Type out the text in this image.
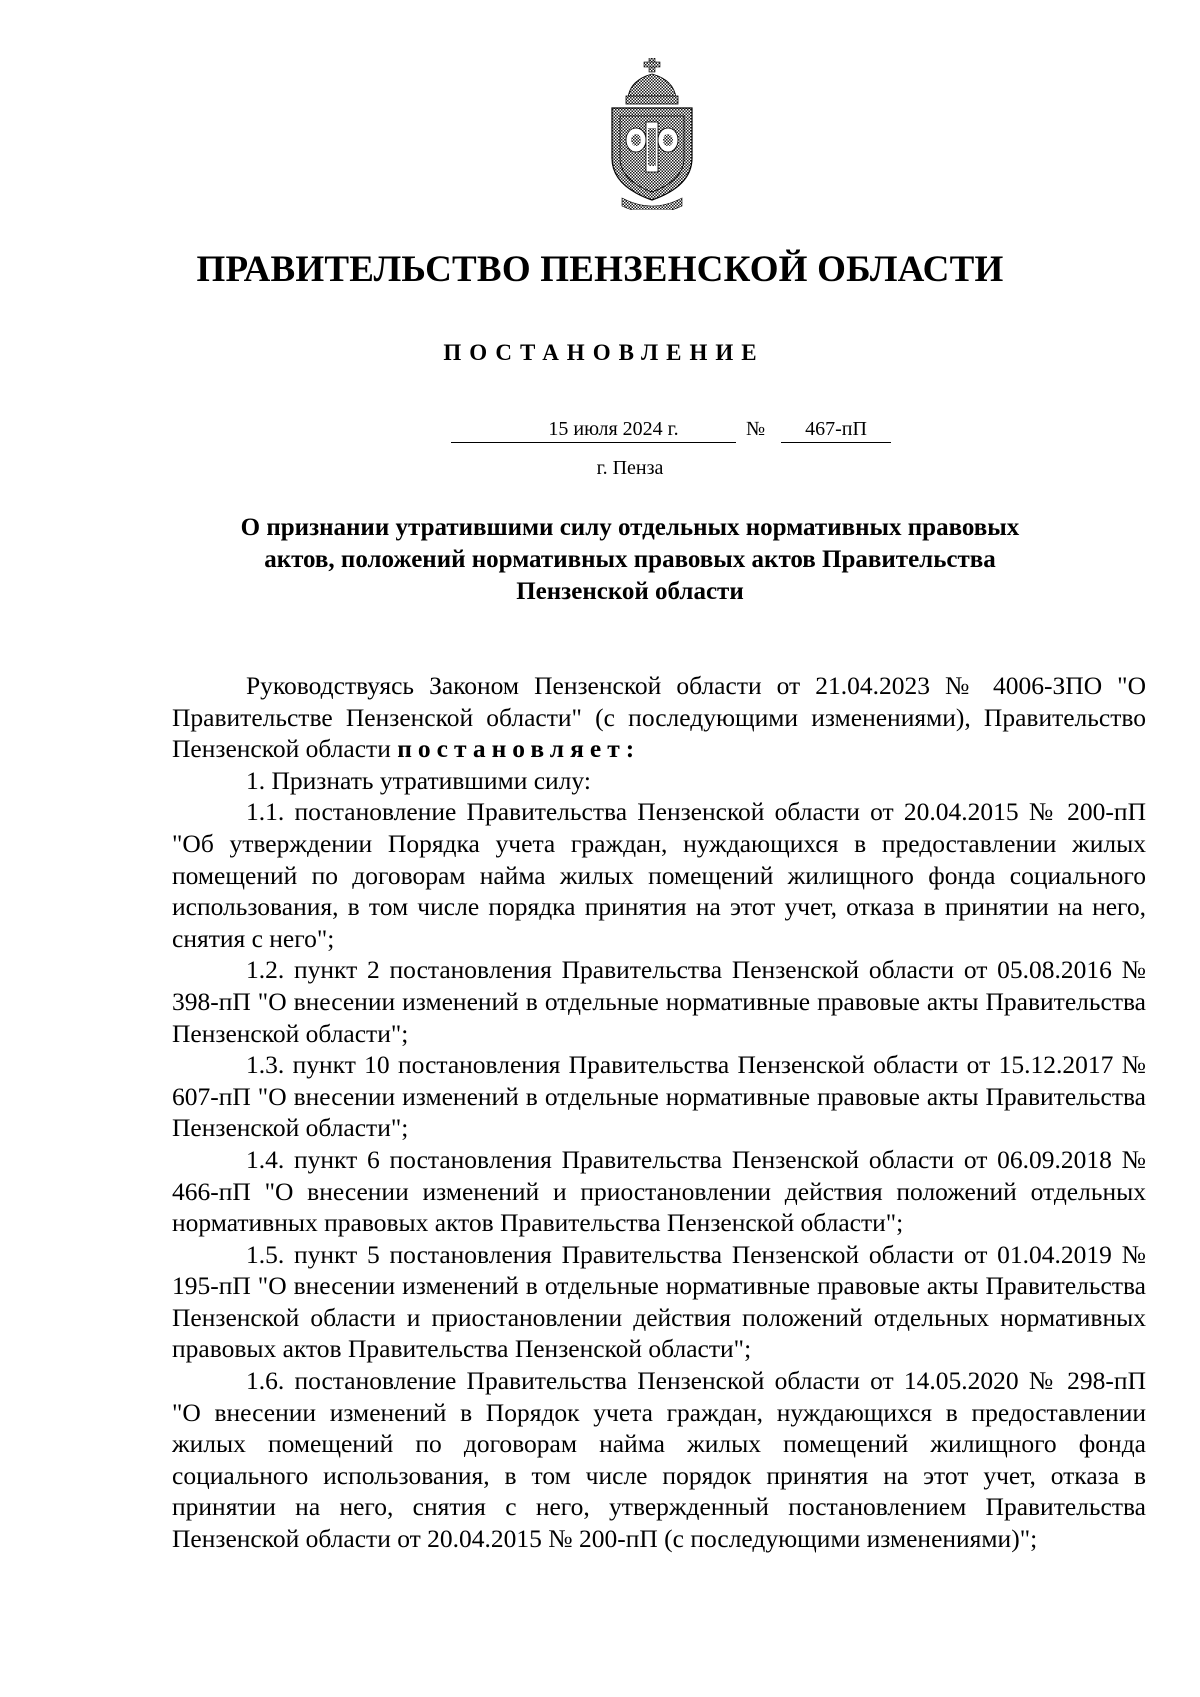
ПРАВИТЕЛЬСТВО ПЕНЗЕНСКОЙ ОБЛАСТИ
ПОСТАНОВЛЕНИЕ
15 июля 2024 г.	№	467-пП
г. Пенза
О признании утратившими силу отдельных нормативных правовых актов, положений нормативных правовых актов Правительства Пензенской области

Руководствуясь Законом Пензенской области от 21.04.2023 № 4006-ЗПО "О Правительстве Пензенской области" (с последующими изменениями), Правительство Пензенской области постановляет:

1. Признать утратившими силу:

1.1. постановление Правительства Пензенской области от 20.04.2015 № 200-пП "Об утверждении Порядка учета граждан, нуждающихся в предоставлении жилых помещений по договорам найма жилых помещений жилищного фонда социального использования, в том числе порядка принятия на этот учет, отказа в принятии на него, снятия с него";

1.2. пункт 2 постановления Правительства Пензенской области от 05.08.2016 № 398-пП "О внесении изменений в отдельные нормативные правовые акты Правительства Пензенской области";

1.3. пункт 10 постановления Правительства Пензенской области от 15.12.2017 № 607-пП "О внесении изменений в отдельные нормативные правовые акты Правительства Пензенской области";

1.4. пункт 6 постановления Правительства Пензенской области от 06.09.2018 № 466-пП "О внесении изменений и приостановлении действия положений отдельных нормативных правовых актов Правительства Пензенской области";

1.5. пункт 5 постановления Правительства Пензенской области от 01.04.2019 № 195-пП "О внесении изменений в отдельные нормативные правовые акты Правительства Пензенской области и приостановлении действия положений отдельных нормативных правовых актов Правительства Пензенской области";

1.6. постановление Правительства Пензенской области от 14.05.2020 № 298-пП "О внесении изменений в Порядок учета граждан, нуждающихся в предоставлении жилых помещений по договорам найма жилых помещений жилищного фонда социального использования, в том числе порядок принятия на этот учет, отказа в принятии на него, снятия с него, утвержденный постановлением Правительства Пензенской области от 20.04.2015 № 200-пП (с последующими изменениями)";
